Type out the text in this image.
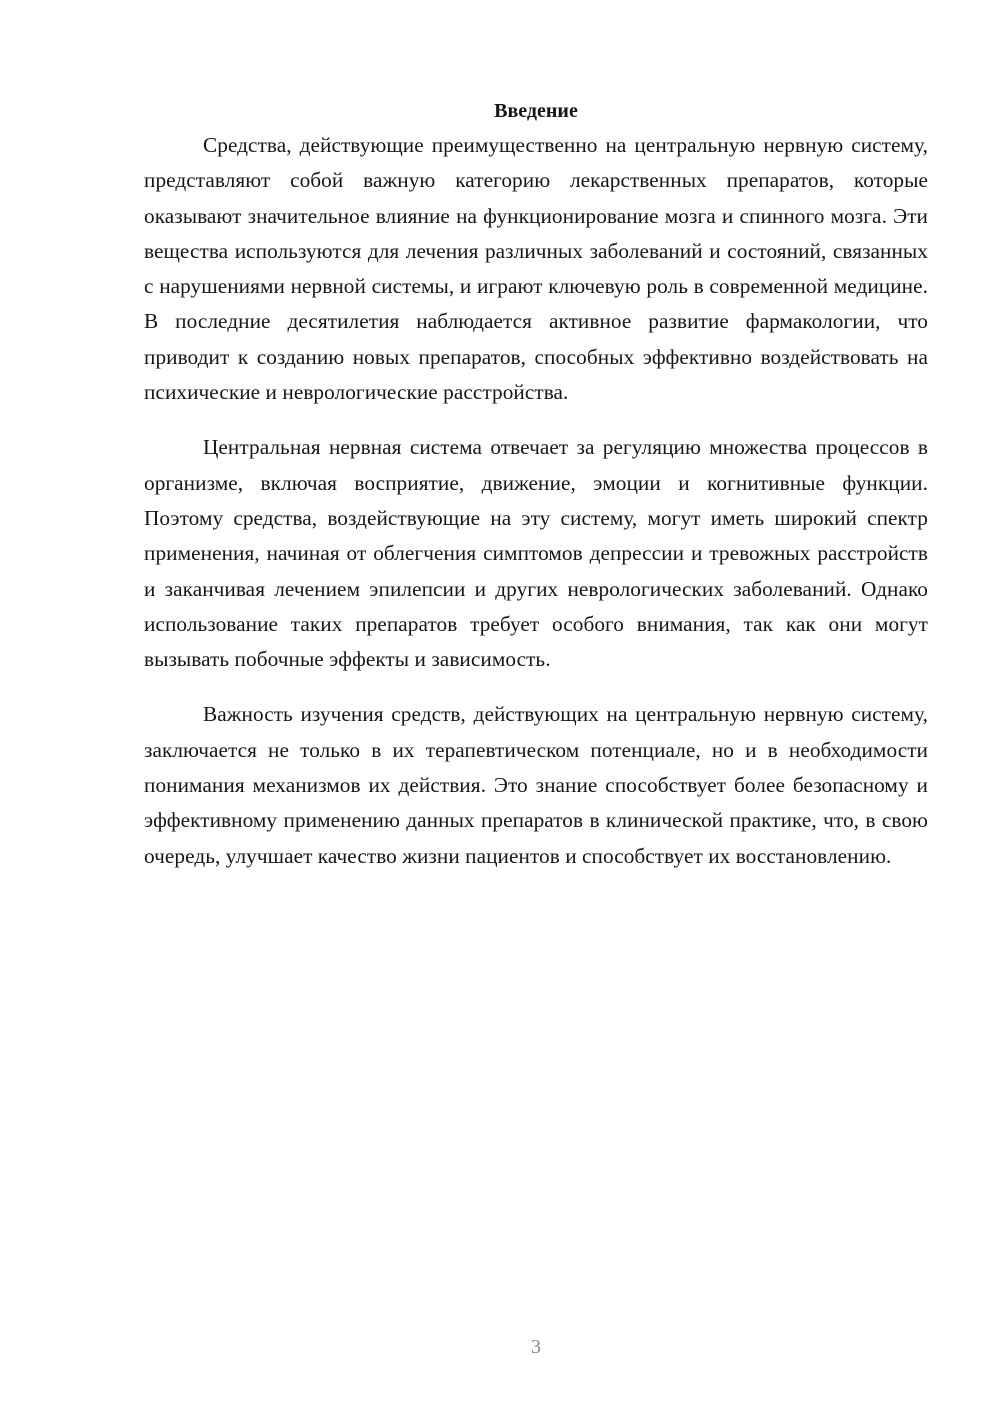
Введение

Средства, действующие преимущественно на центральную нервную систему, представляют собой важную категорию лекарственных препаратов, которые оказывают значительное влияние на функционирование мозга и спинного мозга. Эти вещества используются для лечения различных заболеваний и состояний, связанных с нарушениями нервной системы, и играют ключевую роль в современной медицине. В последние десятилетия наблюдается активное развитие фармакологии, что приводит к созданию новых препаратов, способных эффективно воздействовать на психические и неврологические расстройства.

Центральная нервная система отвечает за регуляцию множества процессов в организме, включая восприятие, движение, эмоции и когнитивные функции. Поэтому средства, воздействующие на эту систему, могут иметь широкий спектр применения, начиная от облегчения симптомов депрессии и тревожных расстройств и заканчивая лечением эпилепсии и других неврологических заболеваний. Однако использование таких препаратов требует особого внимания, так как они могут вызывать побочные эффекты и зависимость.

Важность изучения средств, действующих на центральную нервную систему, заключается не только в их терапевтическом потенциале, но и в необходимости понимания механизмов их действия. Это знание способствует более безопасному и эффективному применению данных препаратов в клинической практике, что, в свою очередь, улучшает качество жизни пациентов и способствует их восстановлению.

3
